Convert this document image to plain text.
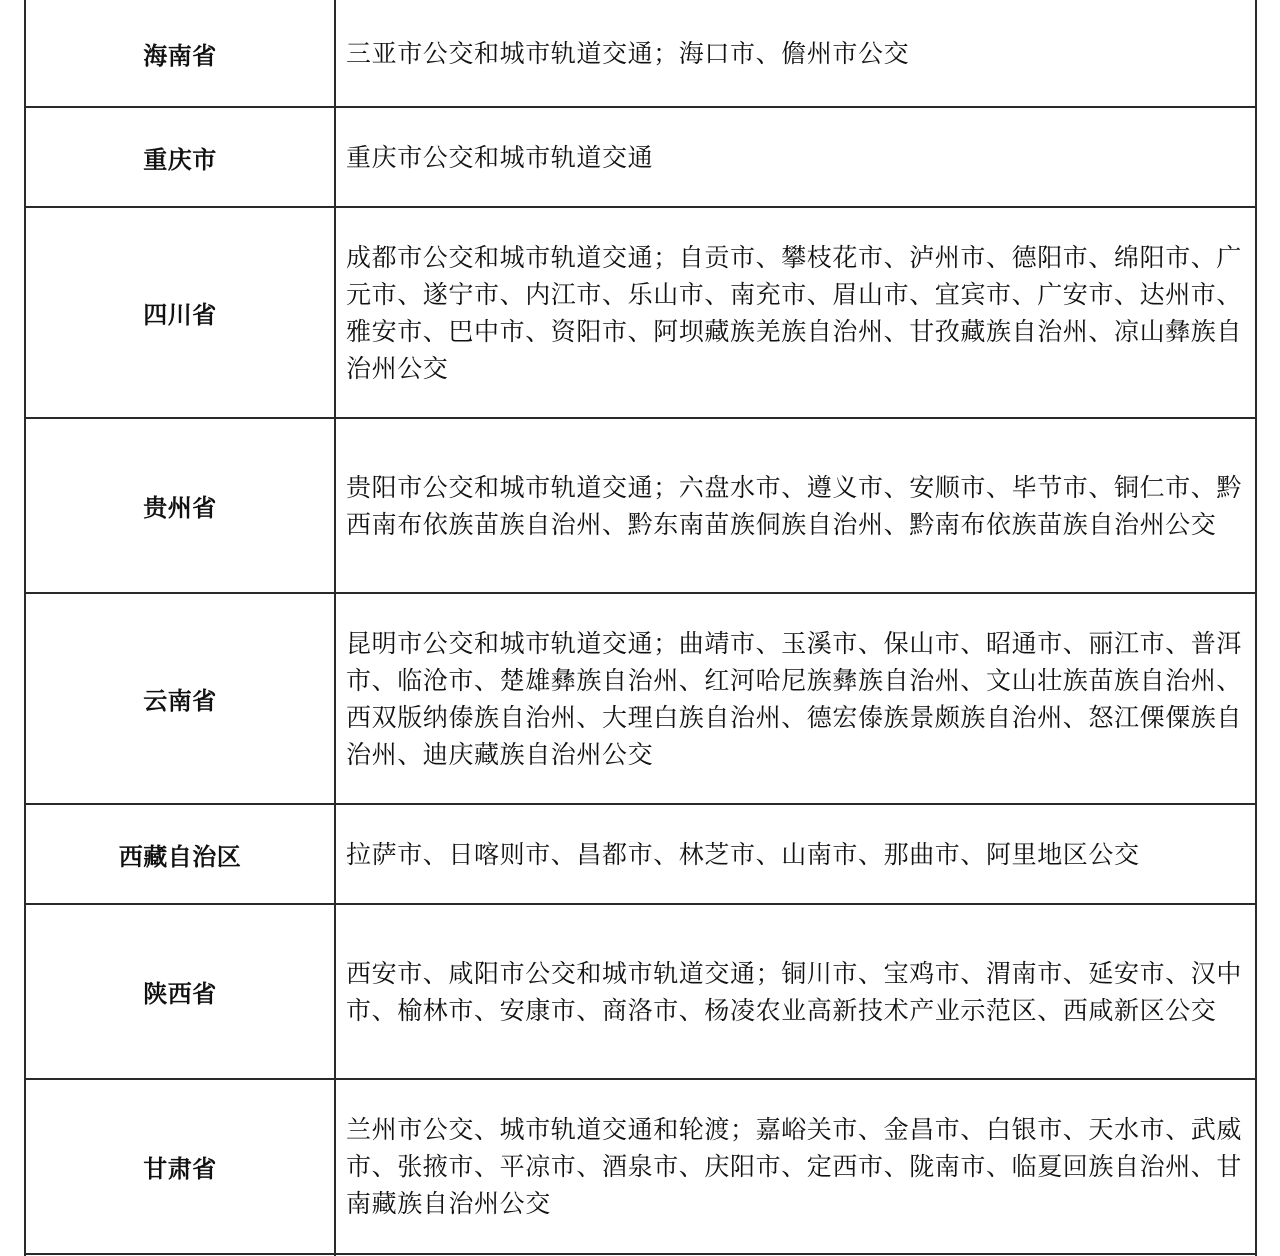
海南省	三亚市公交和城市轨道交通；海口市、儋州市公交
重庆市	重庆市公交和城市轨道交通
四川省	成都市公交和城市轨道交通；自贡市、攀枝花市、泸州市、德阳市、绵阳市、广元市、遂宁市、内江市、乐山市、南充市、眉山市、宜宾市、广安市、达州市、雅安市、巴中市、资阳市、阿坝藏族羌族自治州、甘孜藏族自治州、凉山彝族自治州公交
贵州省	贵阳市公交和城市轨道交通；六盘水市、遵义市、安顺市、毕节市、铜仁市、黔西南布依族苗族自治州、黔东南苗族侗族自治州、黔南布依族苗族自治州公交
云南省	昆明市公交和城市轨道交通；曲靖市、玉溪市、保山市、昭通市、丽江市、普洱市、临沧市、楚雄彝族自治州、红河哈尼族彝族自治州、文山壮族苗族自治州、西双版纳傣族自治州、大理白族自治州、德宏傣族景颇族自治州、怒江傈僳族自治州、迪庆藏族自治州公交
西藏自治区	拉萨市、日喀则市、昌都市、林芝市、山南市、那曲市、阿里地区公交
陕西省	西安市、咸阳市公交和城市轨道交通；铜川市、宝鸡市、渭南市、延安市、汉中市、榆林市、安康市、商洛市、杨凌农业高新技术产业示范区、西咸新区公交
甘肃省	兰州市公交、城市轨道交通和轮渡；嘉峪关市、金昌市、白银市、天水市、武威市、张掖市、平凉市、酒泉市、庆阳市、定西市、陇南市、临夏回族自治州、甘南藏族自治州公交
